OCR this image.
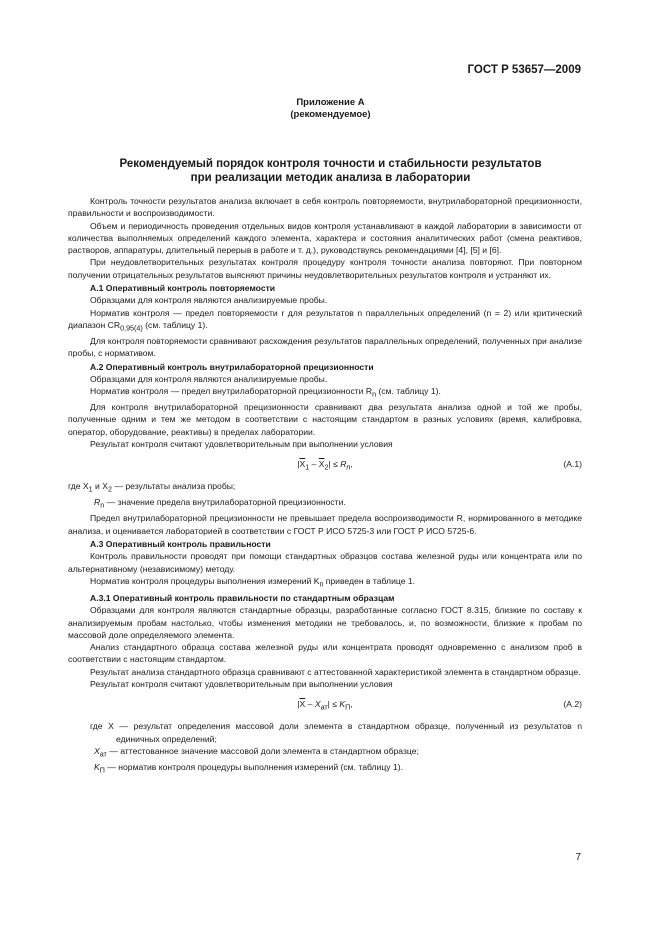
ГОСТ Р 53657—2009
Приложение А
(рекомендуемое)
Рекомендуемый порядок контроля точности и стабильности результатов
при реализации методик анализа в лаборатории

Контроль точности результатов анализа включает в себя контроль повторяемости, внутрилабораторной прецизионности, правильности и воспроизводимости.

Объем и периодичность проведения отдельных видов контроля устанавливают в каждой лаборатории в зависимости от количества выполняемых определений каждого элемента, характера и состояния аналитических работ (смена реактивов, растворов, аппаратуры, длительный перерыв в работе и т. д.), руководствуясь рекомендациями [4], [5] и [6].

При неудовлетворительных результатах контроля процедуру контроля точности анализа повторяют. При повторном получении отрицательных результатов выясняют причины неудовлетворительных результатов контроля и устраняют их.

А.1 Оперативный контроль повторяемости

Образцами для контроля являются анализируемые пробы.

Норматив контроля — предел повторяемости r для результатов n параллельных определений (n = 2) или критический диапазон $CR_{0,95(4)}$ (см. таблицу 1).

Для контроля повторяемости сравнивают расхождения результатов параллельных определений, полученных при анализе пробы, с нормативом.

А.2 Оперативный контроль внутрилабораторной прецизионности

Образцами для контроля являются анализируемые пробы.

Норматив контроля — предел внутрилабораторной прецизионности $R_n$ (см. таблицу 1).

Для контроля внутрилабораторной прецизионности сравнивают два результата анализа одной и той же пробы, полученные одним и тем же методом в соответствии с настоящим стандартом в разных условиях (время, калибровка, оператор, оборудование, реактивы) в пределах лаборатории.

Результат контроля считают удовлетворительным при выполнении условия

$|\overline{X}_1 - \overline{X}_2| \le R_n$,	(А.1)

где $X_1$ и $X_2$ — результаты анализа пробы;

$R_n$ — значение предела внутрилабораторной прецизионности.

Предел внутрилабораторной прецизионности не превышает предела воспроизводимости R, нормированного в методике анализа, и оценивается лабораторией в соответствии с ГОСТ Р ИСО 5725-3 или ГОСТ Р ИСО 5725-6.

А.3 Оперативный контроль правильности

Контроль правильности проводят при помощи стандартных образцов состава железной руды или концентрата или по альтернативному (независимому) методу.

Норматив контроля процедуры выполнения измерений $K_п$ приведен в таблице 1.

А.3.1 Оперативный контроль правильности по стандартным образцам

Образцами для контроля являются стандартные образцы, разработанные согласно ГОСТ 8.315, близкие по составу к анализируемым пробам настолько, чтобы изменения методики не требовалось, и, по возможности, близкие к пробам по массовой доле определяемого элемента.

Анализ стандартного образца состава железной руды или концентрата проводят одновременно с анализом проб в соответствии с настоящим стандартом.

Результат анализа стандартного образца сравнивают с аттестованной характеристикой элемента в стандартном образце.

Результат контроля считают удовлетворительным при выполнении условия

$|\overline{X} - X_{ат}| \le K_П$,	(А.2)

где X — результат определения массовой доли элемента в стандартном образце, полученный из результатов n единичных определений;

$X_{ат}$ — аттестованное значение массовой доли элемента в стандартном образце;

$K_П$ — норматив контроля процедуры выполнения измерений (см. таблицу 1).

7
